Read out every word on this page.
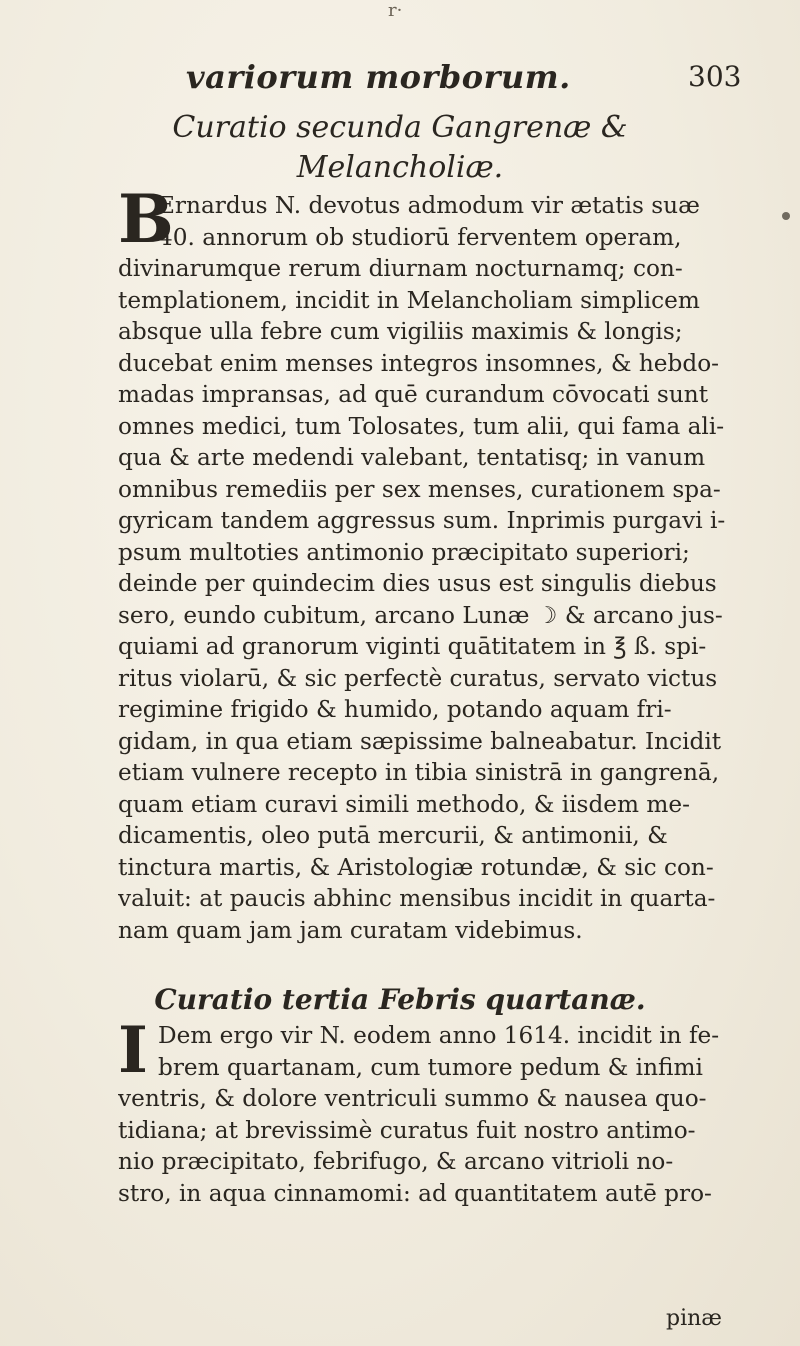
r·
variorum morborum.	303
Curatio secunda Gangrenæ &
Melancholiæ.
B
Ernardus N. devotus admodum vir ætatis suæ
40. annorum ob studiorū ferventem operam,
divinarumque rerum diurnam nocturnamq; con-
templationem, incidit in Melancholiam simplicem
absque ulla febre cum vigiliis maximis & longis;
ducebat enim menses integros insomnes, & hebdo-
madas impransas, ad quē curandum cōvocati sunt
omnes medici, tum Tolosates, tum alii, qui fama ali-
qua & arte medendi valebant, tentatisq; in vanum
omnibus remediis per sex menses, curationem spa-
gyricam tandem aggressus sum. Inprimis purgavi i-
psum multoties antimonio præcipitato superiori;
deinde per quindecim dies usus est singulis diebus
sero, eundo cubitum, arcano Lunæ ☽ & arcano jus-
quiami ad granorum viginti quātitatem in ℥ ß. spi-
ritus violarū, & sic perfectè curatus, servato victus
regimine frigido & humido, potando aquam fri-
gidam, in qua etiam sæpissime balneabatur. Incidit
etiam vulnere recepto in tibia sinistrā in gangrenā,
quam etiam curavi simili methodo, & iisdem me-
dicamentis, oleo putā mercurii, & antimonii, &
tinctura martis, & Aristologiæ rotundæ, & sic con-
valuit: at paucis abhinc mensibus incidit in quarta-
nam quam jam jam curatam videbimus.
Curatio tertia Febris quartanæ.
I Dem ergo vir N. eodem anno 1614. incidit in fe-
brem quartanam, cum tumore pedum & infimi
ventris, & dolore ventriculi summo & nausea quo-
tidiana; at brevissimè curatus fuit nostro antimo-
nio præcipitato, febrifugo, & arcano vitrioli no-
stro, in aqua cinnamomi: ad quantitatem autē pro-
pinæ
